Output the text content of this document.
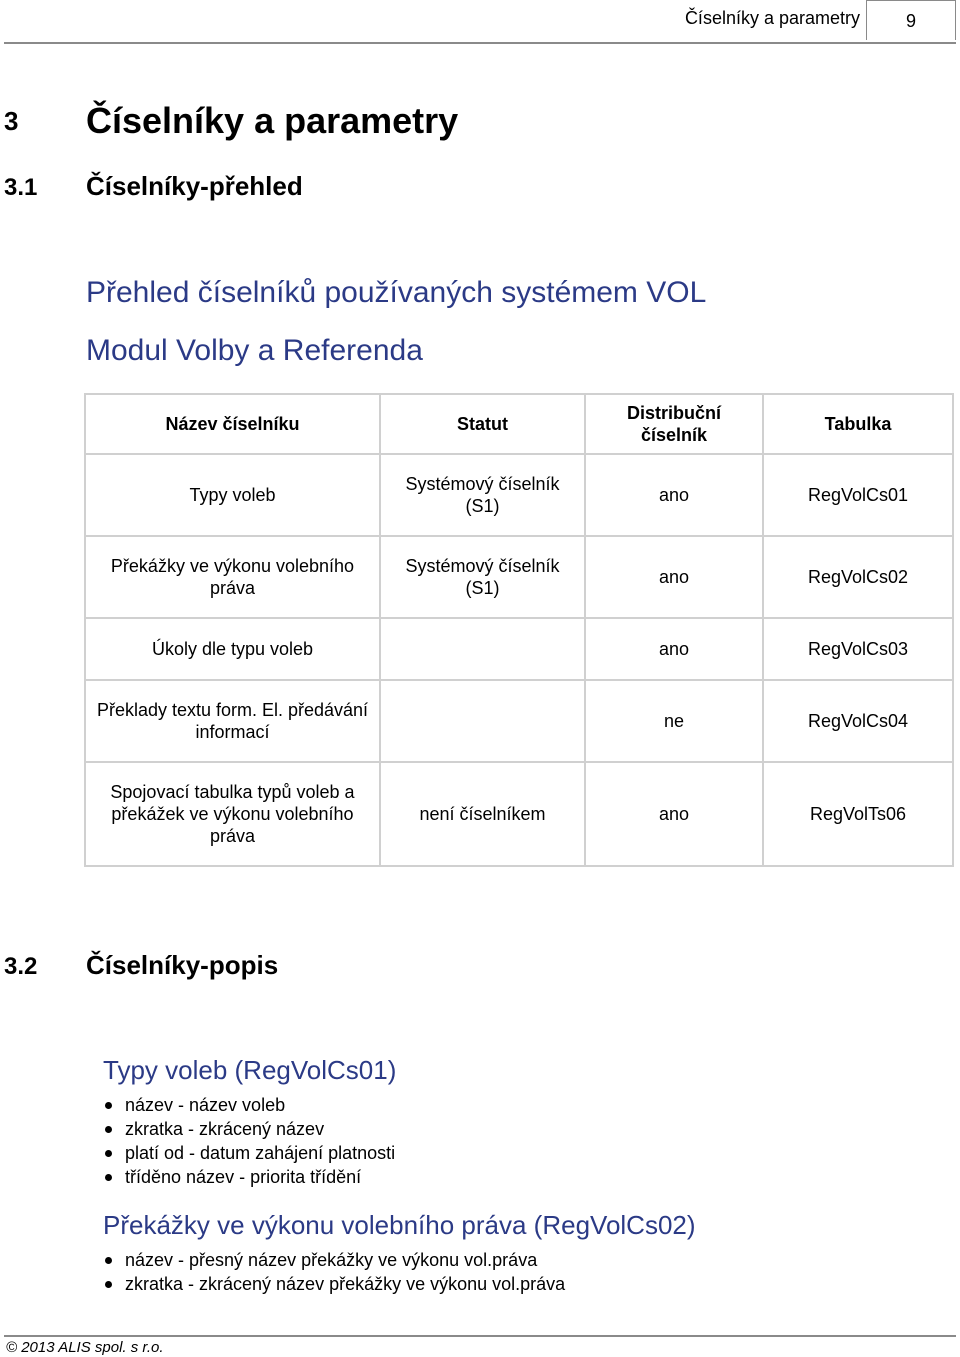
Číselníky a parametry	9
3 Číselníky a parametry
3.1 Číselníky-přehled
Přehled číselníků používaných systémem VOL
Modul Volby a Referenda
Název číselníku	Statut	Distribuční číselník	Tabulka
Typy voleb	Systémový číselník (S1)	ano	RegVolCs01
Překážky ve výkonu volebního práva	Systémový číselník (S1)	ano	RegVolCs02
Úkoly dle typu voleb		ano	RegVolCs03
Překlady textu form. El. předávání informací		ne	RegVolCs04
Spojovací tabulka typů voleb a překážek ve výkonu volebního práva	není číselníkem	ano	RegVolTs06
3.2 Číselníky-popis
Typy voleb (RegVolCs01)
název - název voleb
zkratka - zkrácený název
platí od - datum zahájení platnosti
tříděno název - priorita třídění
Překážky ve výkonu volebního práva (RegVolCs02)
název - přesný název překážky ve výkonu vol.práva
zkratka - zkrácený název překážky ve výkonu vol.práva
© 2013 ALIS spol. s r.o.
